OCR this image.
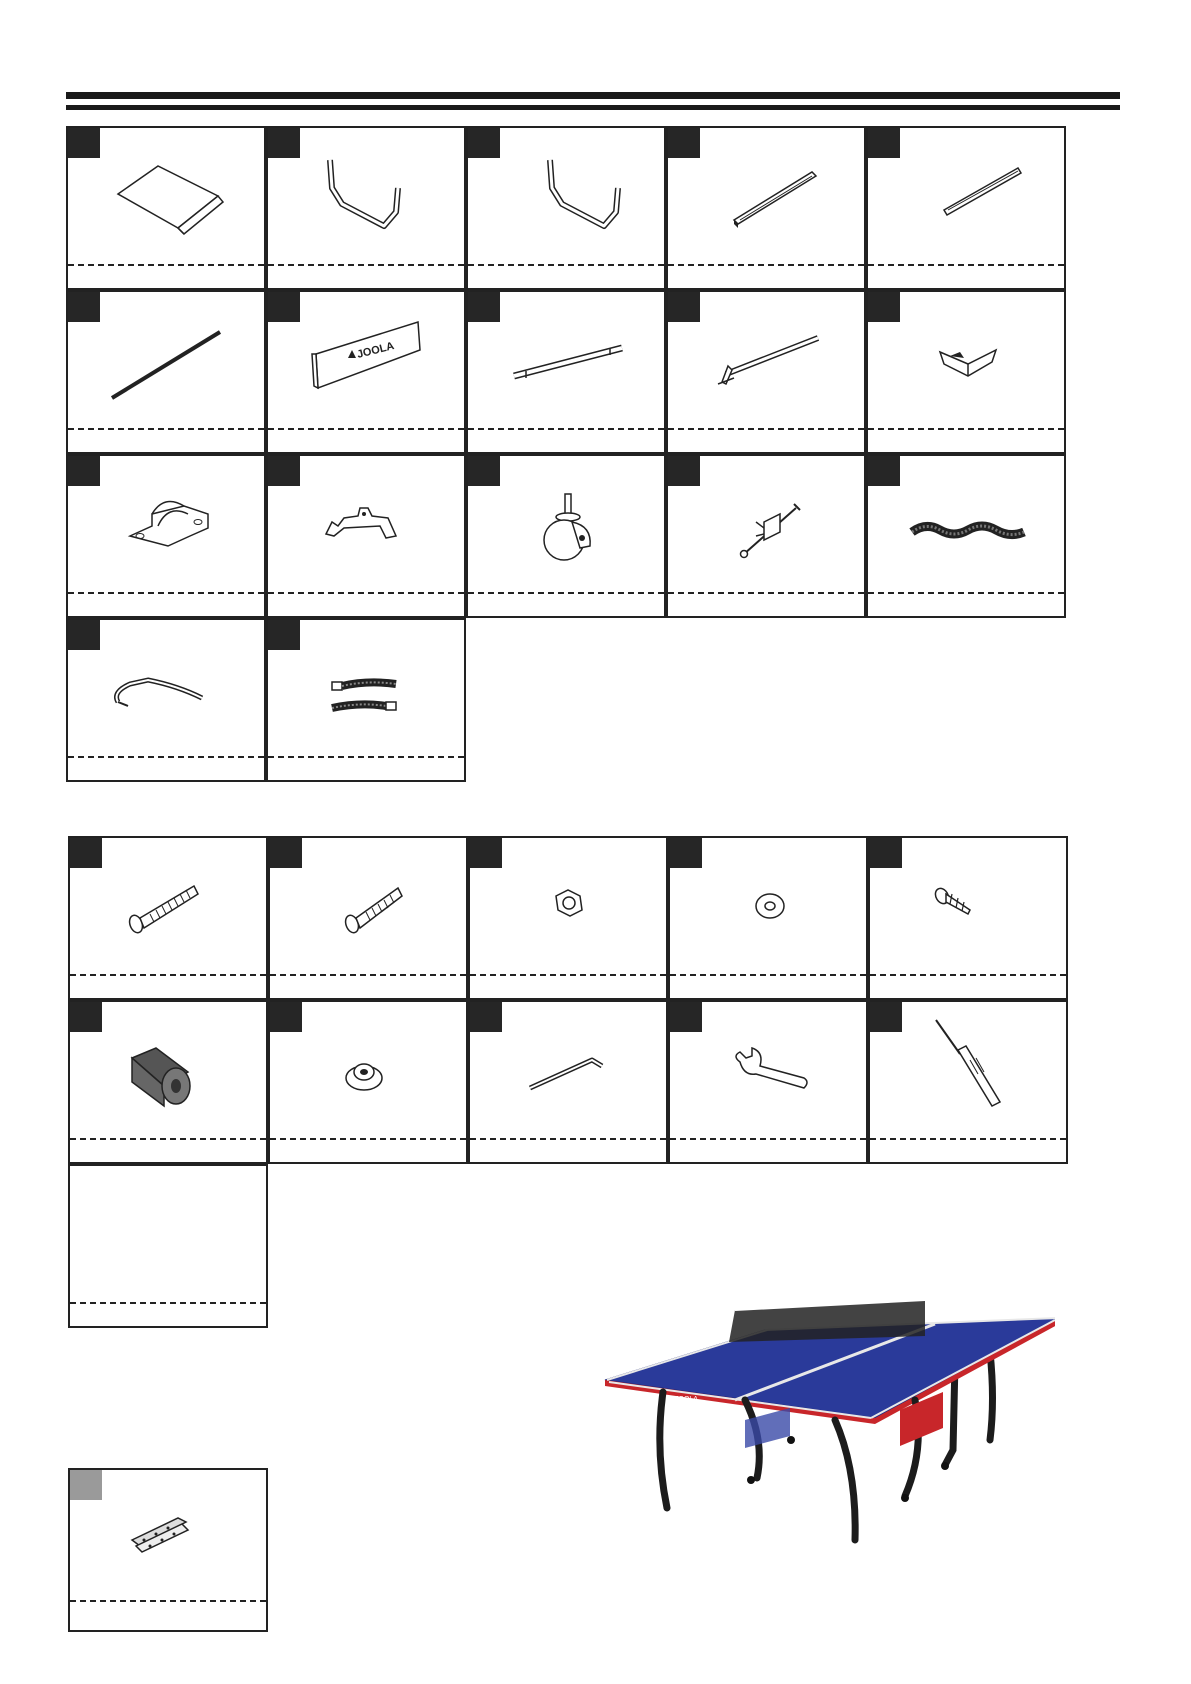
JOOLA
JOOLA
